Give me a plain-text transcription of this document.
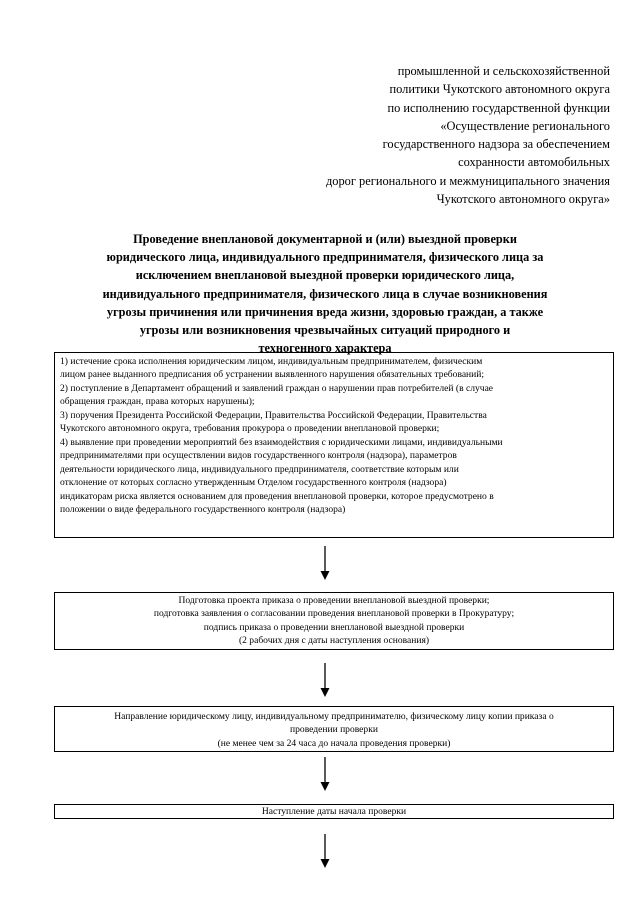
промышленной и сельскохозяйственной
политики Чукотского автономного округа
по исполнению государственной функции
«Осуществление регионального
государственного надзора за обеспечением
сохранности автомобильных
дорог регионального и межмуниципального значения
Чукотского автономного округа»
Проведение внеплановой документарной и (или) выездной проверки
юридического лица, индивидуального предпринимателя, физического лица за
исключением внеплановой выездной проверки юридического лица,
индивидуального предпринимателя, физического лица в случае возникновения
угрозы причинения или причинения вреда жизни, здоровью граждан, а также
угрозы или возникновения чрезвычайных ситуаций природного и
техногенного характера
1) истечение срока исполнения юридическим лицом, индивидуальным предпринимателем, физическим
лицом ранее выданного предписания об устранении выявленного нарушения обязательных требований;
2) поступление в Департамент обращений и заявлений граждан о нарушении прав потребителей (в случае
обращения граждан, права которых нарушены);
3) поручения Президента Российской Федерации, Правительства Российской Федерации, Правительства
Чукотского автономного округа, требования прокурора о проведении внеплановой проверки;
4) выявление при проведении мероприятий без взаимодействия с юридическими лицами, индивидуальными
предпринимателями при осуществлении видов государственного контроля (надзора), параметров
деятельности юридического лица, индивидуального предпринимателя, соответствие которым или
отклонение от которых согласно утвержденным Отделом государственного контроля (надзора)
индикаторам риска является основанием для проведения внеплановой проверки, которое предусмотрено в
положении о виде федерального государственного контроля (надзора)
Подготовка проекта приказа о проведении внеплановой выездной проверки;
подготовка заявления о согласовании проведения внеплановой проверки в Прокуратуру;
подпись приказа о проведении внеплановой выездной проверки
(2 рабочих дня с даты наступления основания)
Направление юридическому лицу, индивидуальному предпринимателю, физическому лицу копии приказа о
проведении проверки
(не менее чем за 24 часа до начала проведения проверки)
Наступление даты начала проверки
